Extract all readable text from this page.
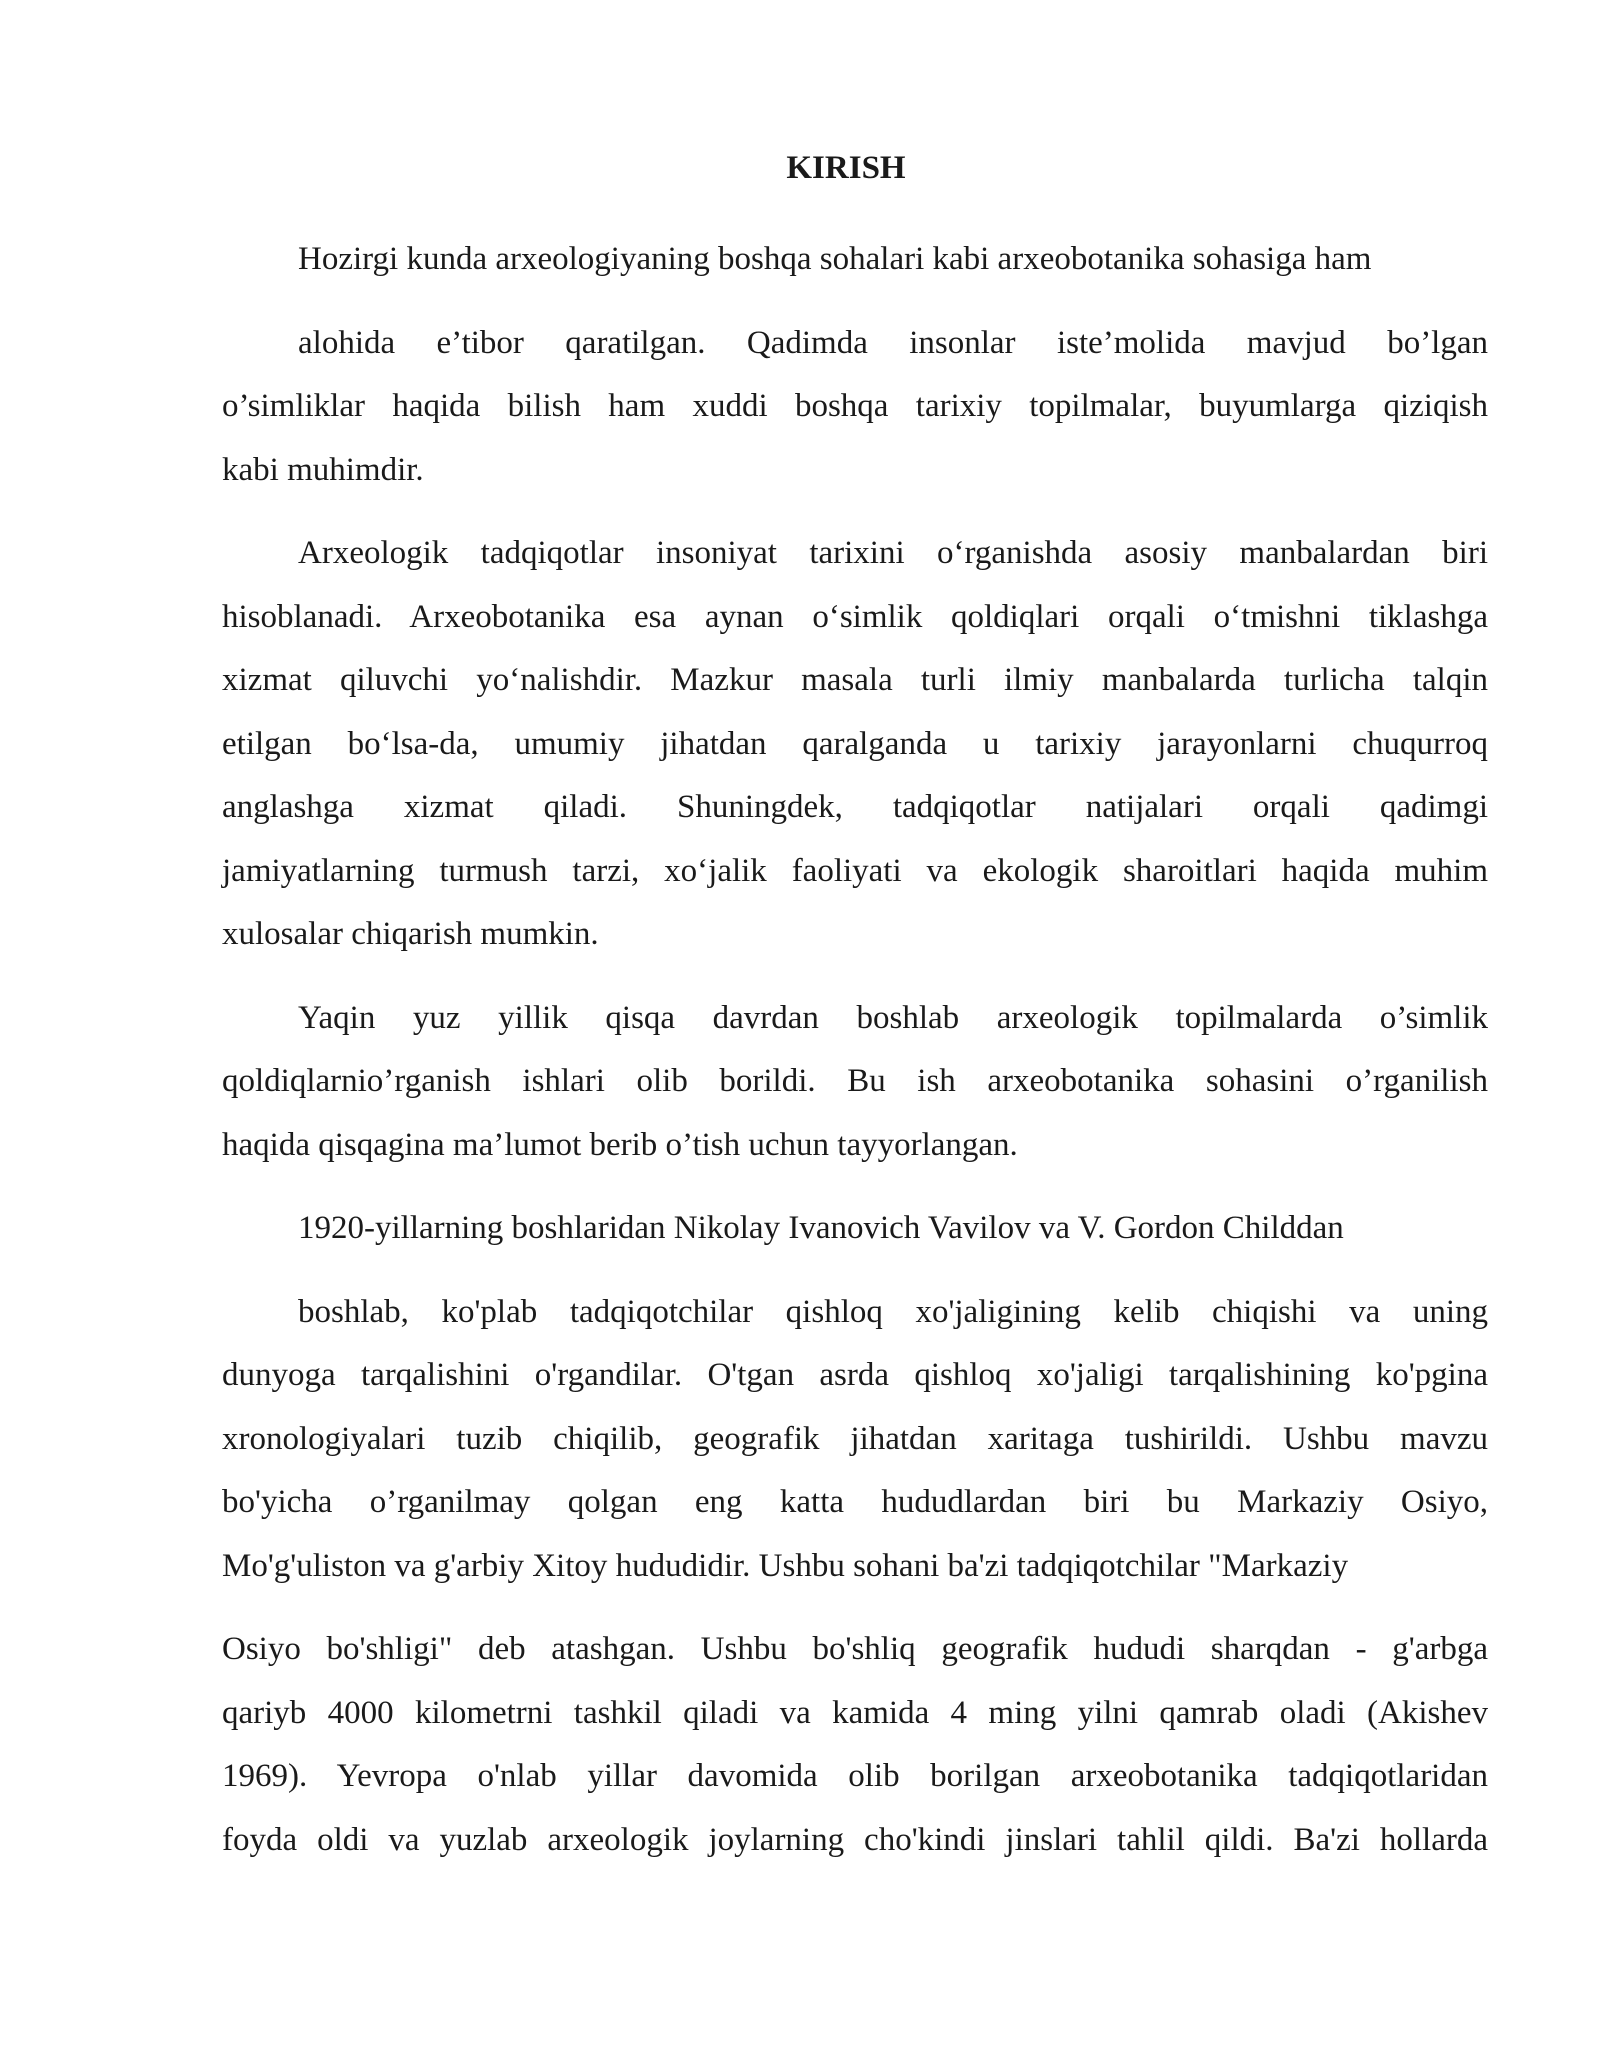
KIRISH
Hozirgi kunda arxeologiyaning boshqa sohalari kabi arxeobotanika sohasiga ham
alohida e’tibor qaratilgan. Qadimda insonlar iste’molida mavjud bo’lgan
o’simliklar haqida bilish ham xuddi boshqa tarixiy topilmalar, buyumlarga qiziqish
kabi muhimdir.
Arxeologik tadqiqotlar insoniyat tarixini o‘rganishda asosiy manbalardan biri
hisoblanadi. Arxeobotanika esa aynan o‘simlik qoldiqlari orqali o‘tmishni tiklashga
xizmat qiluvchi yo‘nalishdir. Mazkur masala turli ilmiy manbalarda turlicha talqin
etilgan bo‘lsa-da, umumiy jihatdan qaralganda u tarixiy jarayonlarni chuqurroq
anglashga xizmat qiladi. Shuningdek, tadqiqotlar natijalari orqali qadimgi
jamiyatlarning turmush tarzi, xo‘jalik faoliyati va ekologik sharoitlari haqida muhim
xulosalar chiqarish mumkin.
Yaqin yuz yillik qisqa davrdan boshlab arxeologik topilmalarda o’simlik
qoldiqlarnio’rganish ishlari olib borildi. Bu ish arxeobotanika sohasini o’rganilish
haqida qisqagina ma’lumot berib o’tish uchun tayyorlangan.
1920-yillarning boshlaridan Nikolay Ivanovich Vavilov va V. Gordon Childdan
boshlab, ko'plab tadqiqotchilar qishloq xo'jaligining kelib chiqishi va uning
dunyoga tarqalishini o'rgandilar. O'tgan asrda qishloq xo'jaligi tarqalishining ko'pgina
xronologiyalari tuzib chiqilib, geografik jihatdan xaritaga tushirildi. Ushbu mavzu
bo'yicha o’rganilmay qolgan eng katta hududlardan biri bu Markaziy Osiyo,
Mo'g'uliston va g'arbiy Xitoy hududidir. Ushbu sohani ba'zi tadqiqotchilar "Markaziy
Osiyo bo'shligi" deb atashgan. Ushbu bo'shliq geografik hududi sharqdan - g'arbga
qariyb 4000 kilometrni tashkil qiladi va kamida 4 ming yilni qamrab oladi (Akishev
1969). Yevropa o'nlab yillar davomida olib borilgan arxeobotanika tadqiqotlaridan
foyda oldi va yuzlab arxeologik joylarning cho'kindi jinslari tahlil qildi. Ba'zi hollarda
